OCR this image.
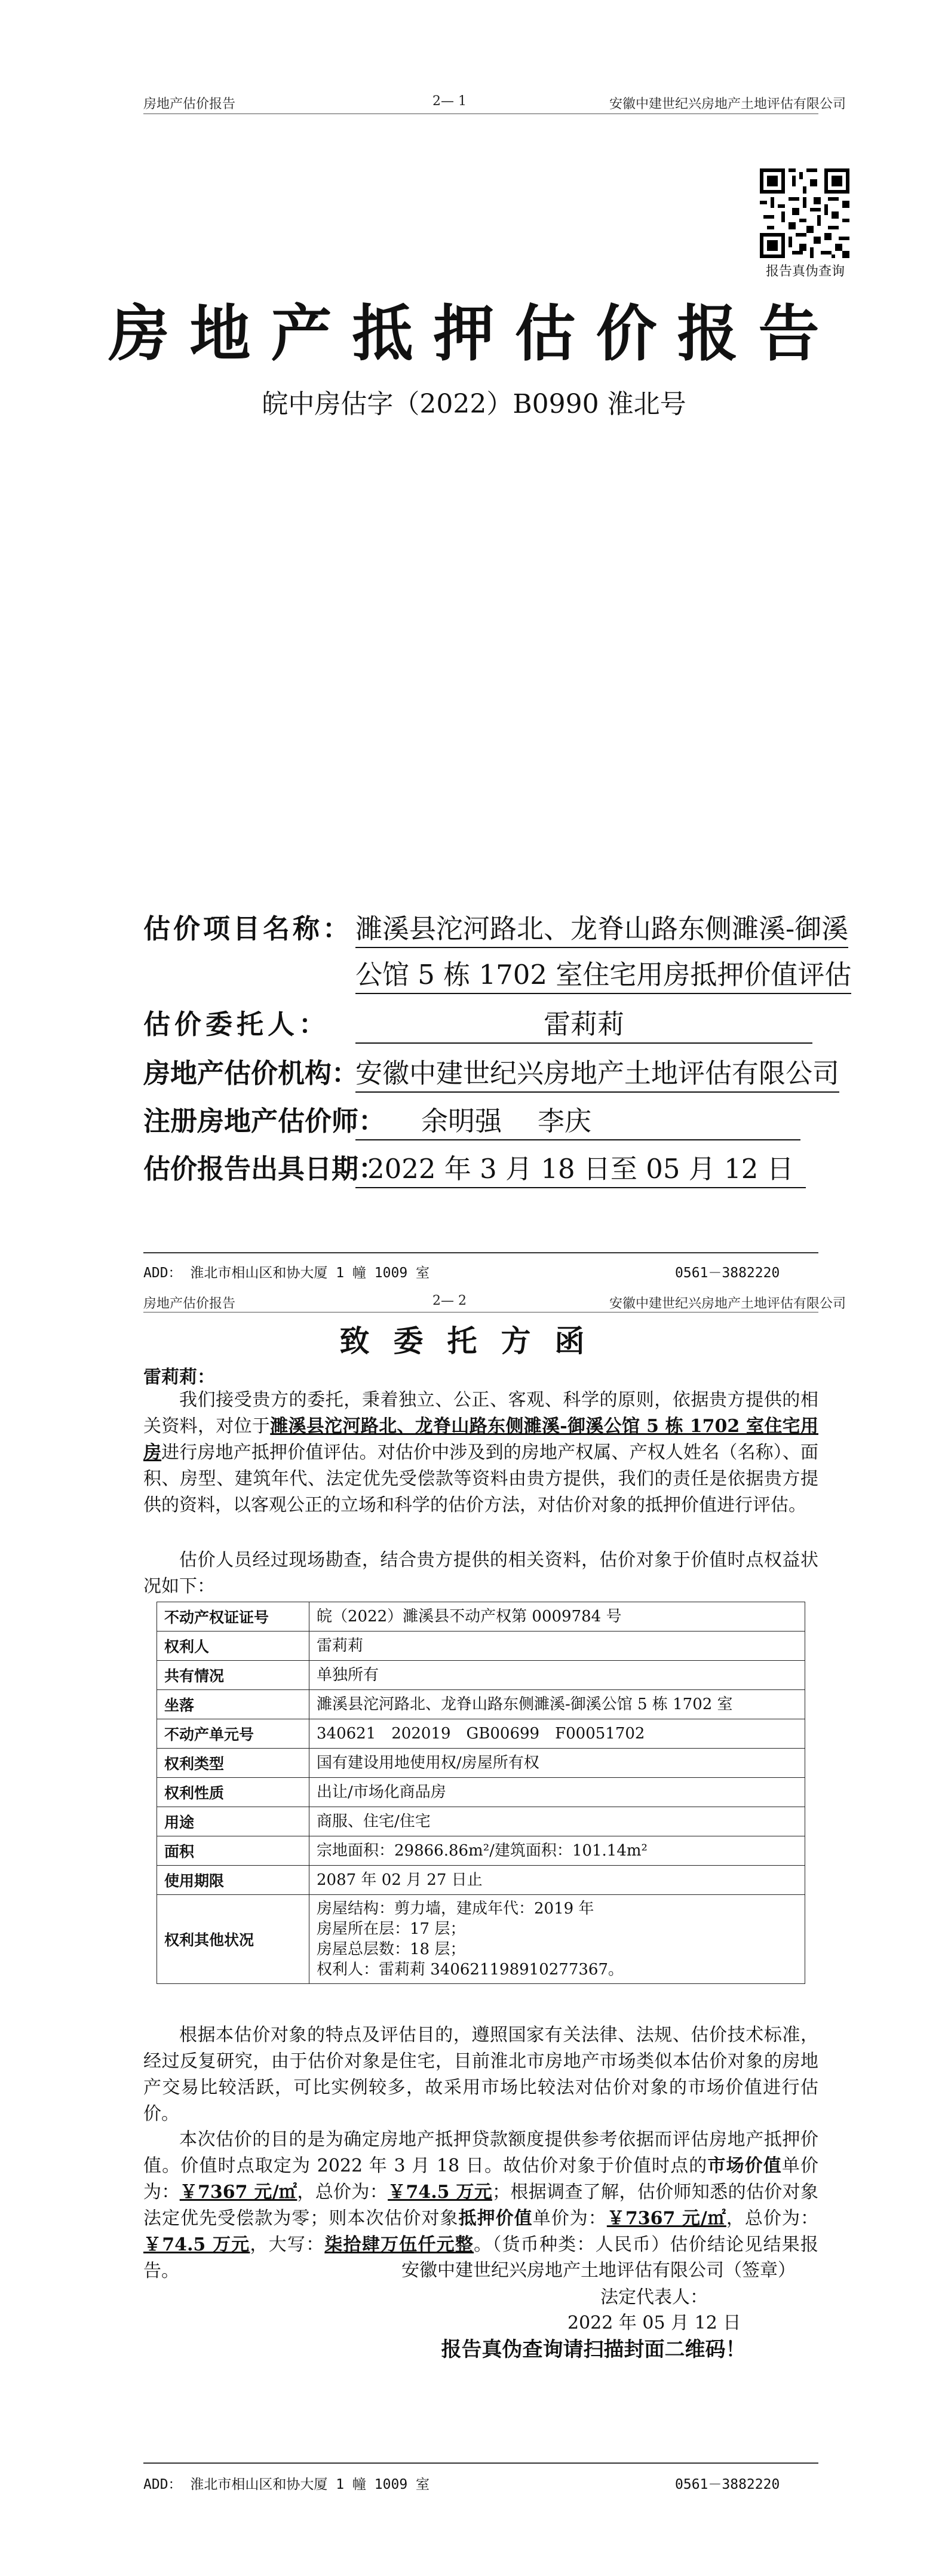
房地产估价报告	2— 1	安徽中建世纪兴房地产土地评估有限公司
报告真伪查询
房地产抵押估价报告
皖中房估字（2022）B0990 淮北号
估价项目名称： 濉溪县沱河路北、龙脊山路东侧濉溪-御溪
公馆 5 栋 1702 室住宅用房抵押价值评估
估价委托人：	雷莉莉
房地产估价机构：安徽中建世纪兴房地产土地评估有限公司
注册房地产估价师： 余明强 李庆
估价报告出具日期：2022 年 3 月 18 日至 05 月 12 日
ADD： 淮北市相山区和协大厦 1 幢 1009 室	0561－3882220
房地产估价报告	2— 2	安徽中建世纪兴房地产土地评估有限公司
致委托方函
雷莉莉：
我们接受贵方的委托，秉着独立、公正、客观、科学的原则，依据贵方提供的相关资料，对位于濉溪县沱河路北、龙脊山路东侧濉溪-御溪公馆 5 栋 1702 室住宅用房进行房地产抵押价值评估。对估价中涉及到的房地产权属、产权人姓名（名称）、面积、房型、建筑年代、法定优先受偿款等资料由贵方提供，我们的责任是依据贵方提供的资料，以客观公正的立场和科学的估价方法，对估价对象的抵押价值进行评估。
估价人员经过现场勘查，结合贵方提供的相关资料，估价对象于价值时点权益状况如下：
不动产权证证号	皖（2022）濉溪县不动产权第 0009784 号
权利人	雷莉莉
共有情况	单独所有
坐落	濉溪县沱河路北、龙脊山路东侧濉溪-御溪公馆 5 栋 1702 室
不动产单元号	340621　202019　GB00699　F00051702
权利类型	国有建设用地使用权/房屋所有权
权利性质	出让/市场化商品房
用途	商服、住宅/住宅
面积	宗地面积：29866.86m²/建筑面积：101.14m²
使用期限	2087 年 02 月 27 日止
权利其他状况	房屋结构：剪力墙，建成年代：2019 年
房屋所在层：17 层；
房屋总层数：18 层；
权利人：雷莉莉 340621198910277367。
根据本估价对象的特点及评估目的，遵照国家有关法律、法规、估价技术标准，经过反复研究，由于估价对象是住宅，目前淮北市房地产市场类似本估价对象的房地产交易比较活跃，可比实例较多，故采用市场比较法对估价对象的市场价值进行估价。
本次估价的目的是为确定房地产抵押贷款额度提供参考依据而评估房地产抵押价值。价值时点取定为 2022 年 3 月 18 日。故估价对象于价值时点的市场价值单价为：￥7367 元/㎡，总价为：￥74.5 万元；根据调查了解，估价师知悉的估价对象法定优先受偿款为零；则本次估价对象抵押价值单价为：￥7367 元/㎡，总价为：￥74.5 万元，大写：柒拾肆万伍仟元整。（货币种类：人民币）估价结论见结果报告。	安徽中建世纪兴房地产土地评估有限公司（签章）
法定代表人：
2022 年 05 月 12 日
报告真伪查询请扫描封面二维码！
ADD： 淮北市相山区和协大厦 1 幢 1009 室	0561－3882220
